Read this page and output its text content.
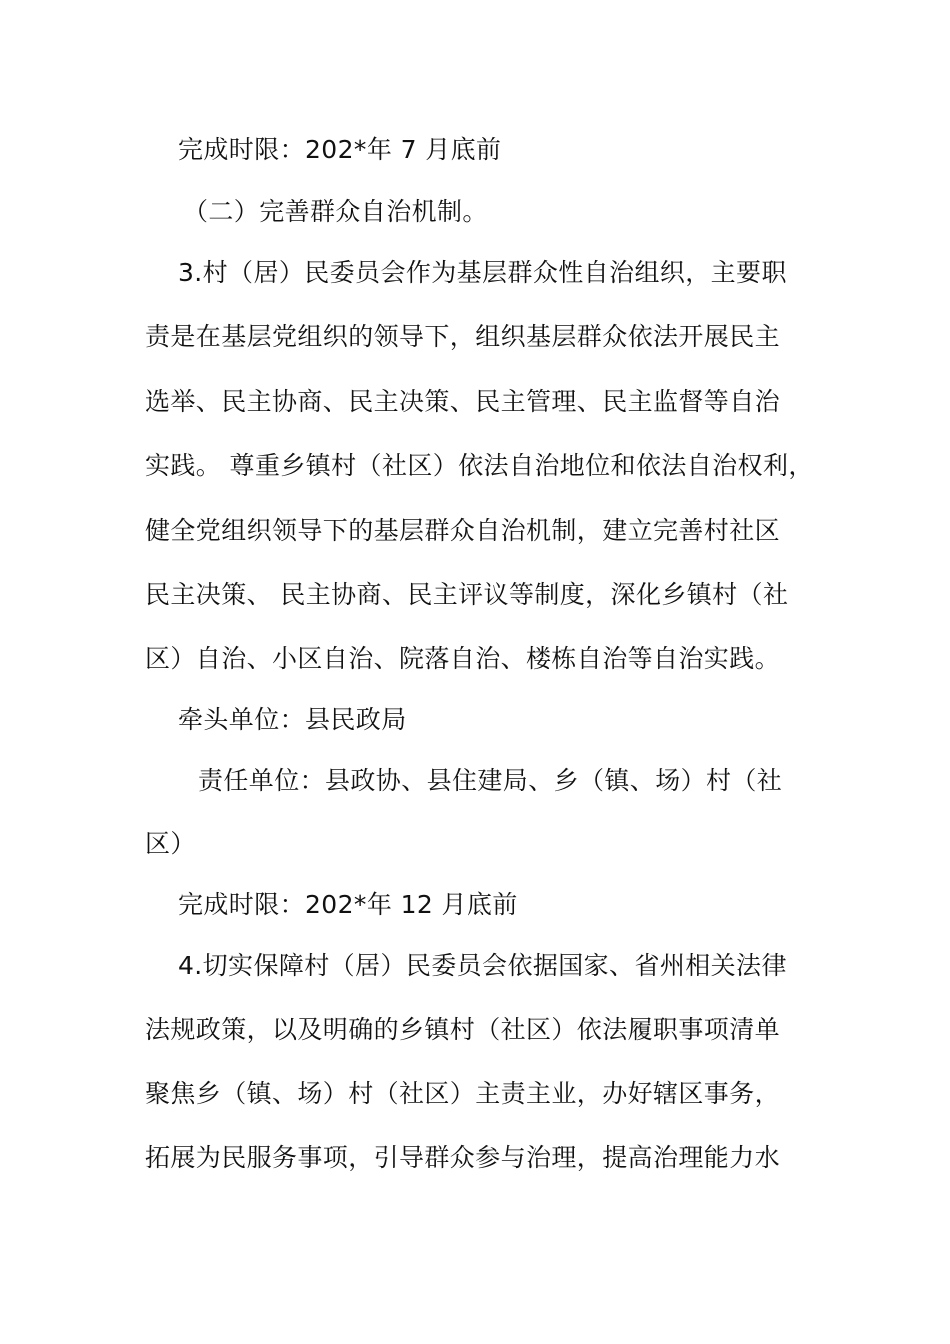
完成时限：202*年 7 月底前
（二）完善群众自治机制。
3.村（居）民委员会作为基层群众性自治组织，主要职
责是在基层党组织的领导下，组织基层群众依法开展民主
选举、民主协商、民主决策、民主管理、民主监督等自治
实践。 尊重乡镇村（社区）依法自治地位和依法自治权利，
健全党组织领导下的基层群众自治机制，建立完善村社区
民主决策、 民主协商、民主评议等制度，深化乡镇村（社
区）自治、小区自治、院落自治、楼栋自治等自治实践。
牵头单位：县民政局
责任单位：县政协、县住建局、乡（镇、场）村（社
区）
完成时限：202*年 12 月底前
4.切实保障村（居）民委员会依据国家、省州相关法律
法规政策，以及明确的乡镇村（社区）依法履职事项清单
聚焦乡（镇、场）村（社区）主责主业，办好辖区事务，
拓展为民服务事项，引导群众参与治理，提高治理能力水
